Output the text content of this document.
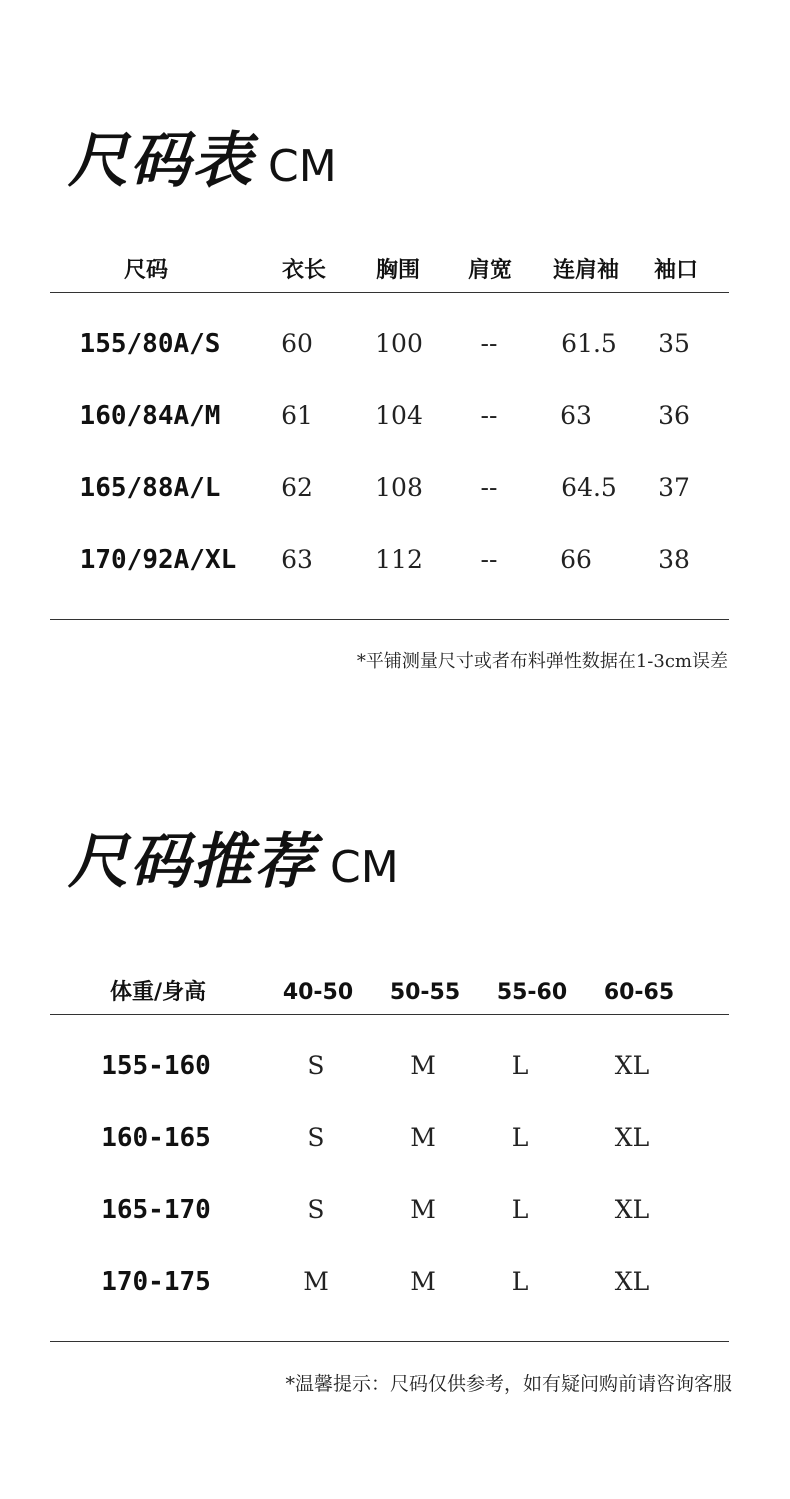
尺码表 CM
尺码	衣长 胸围 肩宽 连肩袖 袖口
155/80A/S 60 100 --	61.5 35
160/84A/M 61 104 --	63	36
165/88A/L 62 108 --	64.5 37
170/92A/XL 63 112 --	66	38
*平铺测量尺寸或者布料弹性数据在1-3cm误差
尺码推荐 CM
体重/身高	40-50 50-55 55-60 60-65
155-160	S	M	L	XL
160-165	S	M	L	XL
165-170	S	M	L	XL
170-175	M	M	L	XL
*温馨提示：尺码仅供参考，如有疑问购前请咨询客服
